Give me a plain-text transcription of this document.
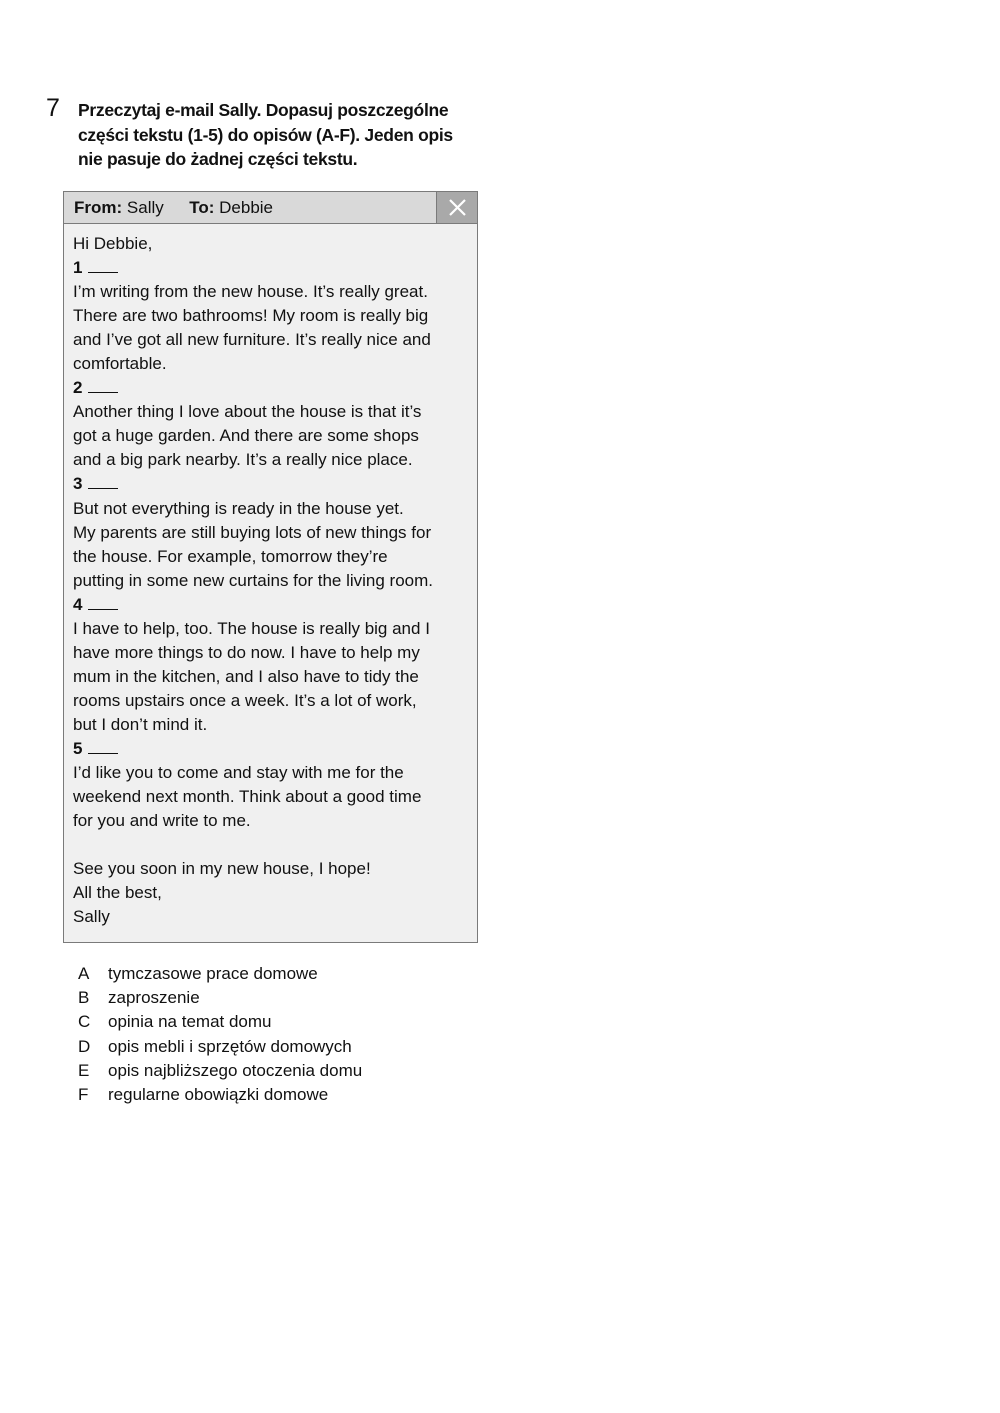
7 Przeczytaj e-mail Sally. Dopasuj poszczególne
części tekstu (1-5) do opisów (A-F). Jeden opis
nie pasuje do żadnej części tekstu.
From: Sally To: Debbie
Hi Debbie,
1
I’m writing from the new house. It’s really great.
There are two bathrooms! My room is really big
and I’ve got all new furniture. It’s really nice and
comfortable.
2
Another thing I love about the house is that it’s
got a huge garden. And there are some shops
and a big park nearby. It’s a really nice place.
3
But not everything is ready in the house yet.
My parents are still buying lots of new things for
the house. For example, tomorrow they’re
putting in some new curtains for the living room.
4
I have to help, too. The house is really big and I
have more things to do now. I have to help my
mum in the kitchen, and I also have to tidy the
rooms upstairs once a week. It’s a lot of work,
but I don’t mind it.
5
I’d like you to come and stay with me for the
weekend next month. Think about a good time
for you and write to me.
See you soon in my new house, I hope!
All the best,
Sally
A tymczasowe prace domowe
B zaproszenie
C opinia na temat domu
D opis mebli i sprzętów domowych
E opis najbliższego otoczenia domu
F regularne obowiązki domowe
